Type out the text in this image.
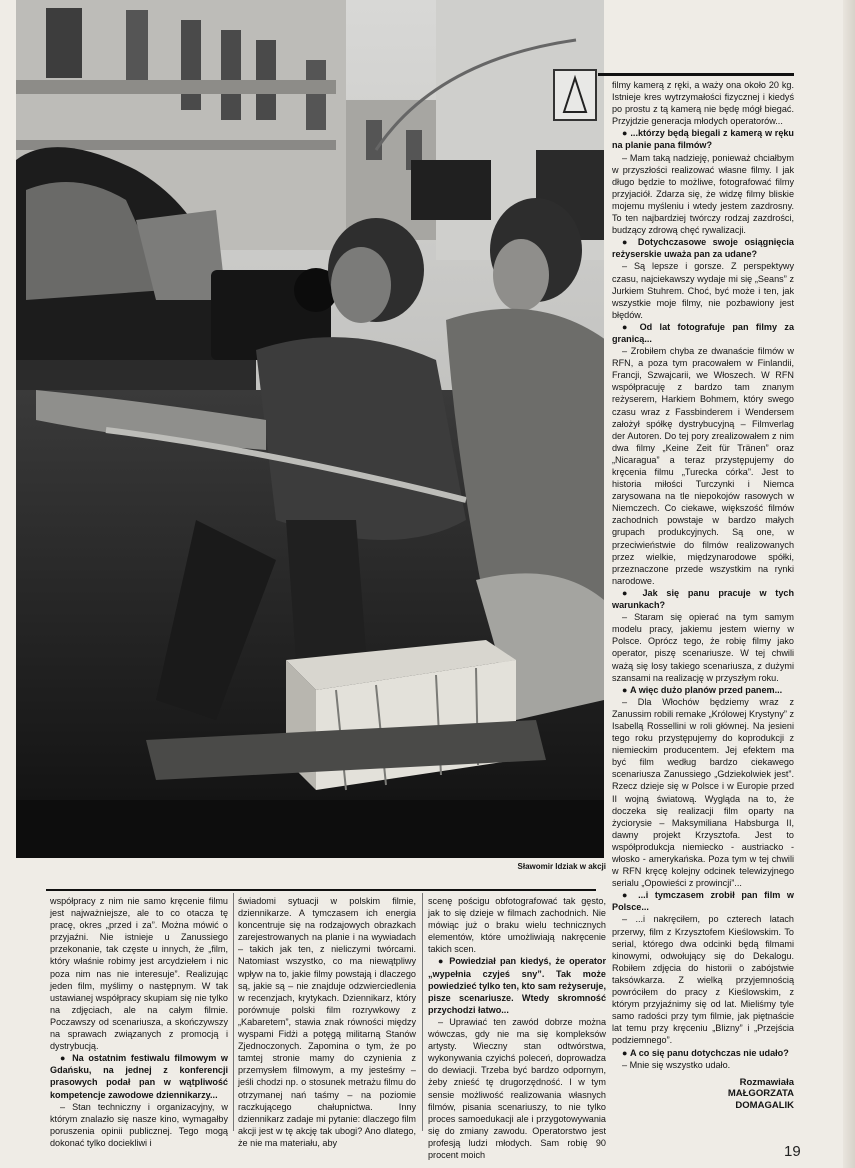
Sławomir Idziak w akcji

filmy kamerą z ręki, a waży ona około 20 kg. Istnieje kres wytrzymałości fizycznej i kiedyś po prostu z tą kamerą nie będę mógł biegać. Przyjdzie generacja młodych operatorów...

● ...którzy będą biegali z kamerą w ręku na planie pana filmów?

– Mam taką nadzieję, ponieważ chciałbym w przyszłości realizować własne filmy. I jak długo będzie to możliwe, fotografować filmy przyjaciół. Zdarza się, że widzę filmy bliskie mojemu myśleniu i wtedy jestem zazdrosny. To ten najbardziej twórczy rodzaj zazdrości, budzący zdrową chęć rywalizacji.

● Dotychczasowe swoje osiągnięcia reżyserskie uważa pan za udane?

– Są lepsze i gorsze. Z perspektywy czasu, najciekawszy wydaje mi się „Seans” z Jurkiem Stuhrem. Choć, być może i ten, jak wszystkie moje filmy, nie pozbawiony jest błędów.

● Od lat fotografuje pan filmy za granicą...

– Zrobiłem chyba ze dwanaście filmów w RFN, a poza tym pracowałem w Finlandii, Francji, Szwajcarii, we Włoszech. W RFN współpracuję z bardzo tam znanym reżyserem, Harkiem Bohmem, który swego czasu wraz z Fassbinderem i Wendersem założył spółkę dystrybucyjną – Filmverlag der Autoren. Do tej pory zrealizowałem z nim dwa filmy „Keine Zeit für Tränen” oraz „Nicaragua” a teraz przystępujemy do kręcenia filmu „Turecka córka”. Jest to historia miłości Turczynki i Niemca zarysowana na tle niepokojów rasowych w Niemczech. Co ciekawe, większość filmów zachodnich powstaje w bardzo małych grupach produkcyjnych. Są one, w przeciwieństwie do filmów realizowanych przez wielkie, międzynarodowe spółki, przeznaczone przede wszystkim na rynki narodowe.

● Jak się panu pracuje w tych warunkach?

– Staram się opierać na tym samym modelu pracy, jakiemu jestem wierny w Polsce. Oprócz tego, że robię filmy jako operator, piszę scenariusze. W tej chwili ważą się losy takiego scenariusza, z dużymi szansami na realizację w przyszłym roku.

● A więc dużo planów przed panem...

– Dla Włochów będziemy wraz z Zanussim robili remake „Królowej Krystyny” z Isabellą Rossellini w roli głównej. Na jesieni tego roku przystępujemy do koprodukcji z niemieckim producentem. Jej efektem ma być film według bardzo ciekawego scenariusza Zanussiego „Gdziekolwiek jest”. Rzecz dzieje się w Polsce i w Europie przed II wojną światową. Wygląda na to, że doczeka się realizacji film oparty na życiorysie – Maksymiliana Habsburga II, dawny projekt Krzysztofa. Jest to współprodukcja niemiecko - austriacko - włosko - amerykańska. Poza tym w tej chwili w RFN kręcę kolejny odcinek telewizyjnego serialu „Opowieści z prowincji”...

● ...i tymczasem zrobił pan film w Polsce...

– ...i nakręciłem, po czterech latach przerwy, film z Krzysztofem Kieślowskim. To serial, którego dwa odcinki będą filmami kinowymi, odwołujący się do Dekalogu. Robiłem zdjęcia do historii o zabójstwie taksówkarza. Z wielką przyjemnością powróciłem do pracy z Kieślowskim, z którym przyjaźnimy się od lat. Mieliśmy tyle samo radości przy tym filmie, jak piętnaście lat temu przy kręceniu „Blizny” i „Przejścia podziemnego”.

● A co się panu dotychczas nie udało?

– Mnie się wszystko udało.

Rozmawiała
MAŁGORZATA
DOMAGALIK

współpracy z nim nie samo kręcenie filmu jest najważniejsze, ale to co otacza tę pracę, okres „przed i za”. Można mówić o przyjaźni. Nie istnieje u Zanussiego przekonanie, tak częste u innych, że „film, który właśnie robimy jest arcydziełem i nic poza nim nas nie interesuje”. Realizując jeden film, myślimy o następnym. W tak ustawianej współpracy skupiam się nie tylko na zdjęciach, ale na całym filmie. Poczawszy od scenariusza, a skończywszy na sprawach związanych z promocją i dystrybucją.

● Na ostatnim festiwalu filmowym w Gdańsku, na jednej z konferencji prasowych podał pan w wątpliwość kompetencje zawodowe dziennikarzy...

– Stan techniczny i organizacyjny, w którym znalazło się nasze kino, wymagałby poruszenia opinii publicznej. Tego mogą dokonać tylko dociekliwi i

świadomi sytuacji w polskim filmie, dziennikarze. A tymczasem ich energia koncentruje się na rodzajowych obrazkach zarejestrowanych na planie i na wywiadach – takich jak ten, z nieliczymi twórcami. Natomiast wszystko, co ma niewątpliwy wpływ na to, jakie filmy powstają i dlaczego są, jakie są – nie znajduje odzwierciedlenia w recenzjach, krytykach. Dziennikarz, który porównuje polski film rozrywkowy z „Kabaretem”, stawia znak równości między wyspami Fidżi a potęgą militarną Stanów Zjednoczonych. Zapomina o tym, że po tamtej stronie mamy do czynienia z przemysłem filmowym, a my jesteśmy – jeśli chodzi np. o stosunek metrażu filmu do otrzymanej nań taśmy – na poziomie raczkującego chałupnictwa. Inny dziennikarz zadaje mi pytanie: dlaczego film akcji jest w tę akcję tak ubogi? Ano dlatego, że nie ma materiału, aby

scenę pościgu obfotografować tak gęsto, jak to się dzieje w filmach zachodnich. Nie mówiąc już o braku wielu technicznych elementów, które umożliwiają nakręcenie takich scen.

● Powiedział pan kiedyś, że operator „wypełnia czyjeś sny”. Tak może powiedzieć tylko ten, kto sam reżyseruje, pisze scenariusze. Wtedy skromność przychodzi łatwo...

– Uprawiać ten zawód dobrze można wówczas, gdy nie ma się kompleksów artysty. Wieczny stan odtwórstwa, wykonywania czyichś poleceń, doprowadza do dewiacji. Trzeba być bardzo odpornym, żeby znieść tę drugorzędność. I w tym sensie możliwość realizowania własnych filmów, pisania scenariuszy, to nie tylko proces samoedukacji ale i przygotowywania się do zmiany zawodu. Operatorstwo jest profesją ludzi młodych. Sam robię 90 procent moich	19
